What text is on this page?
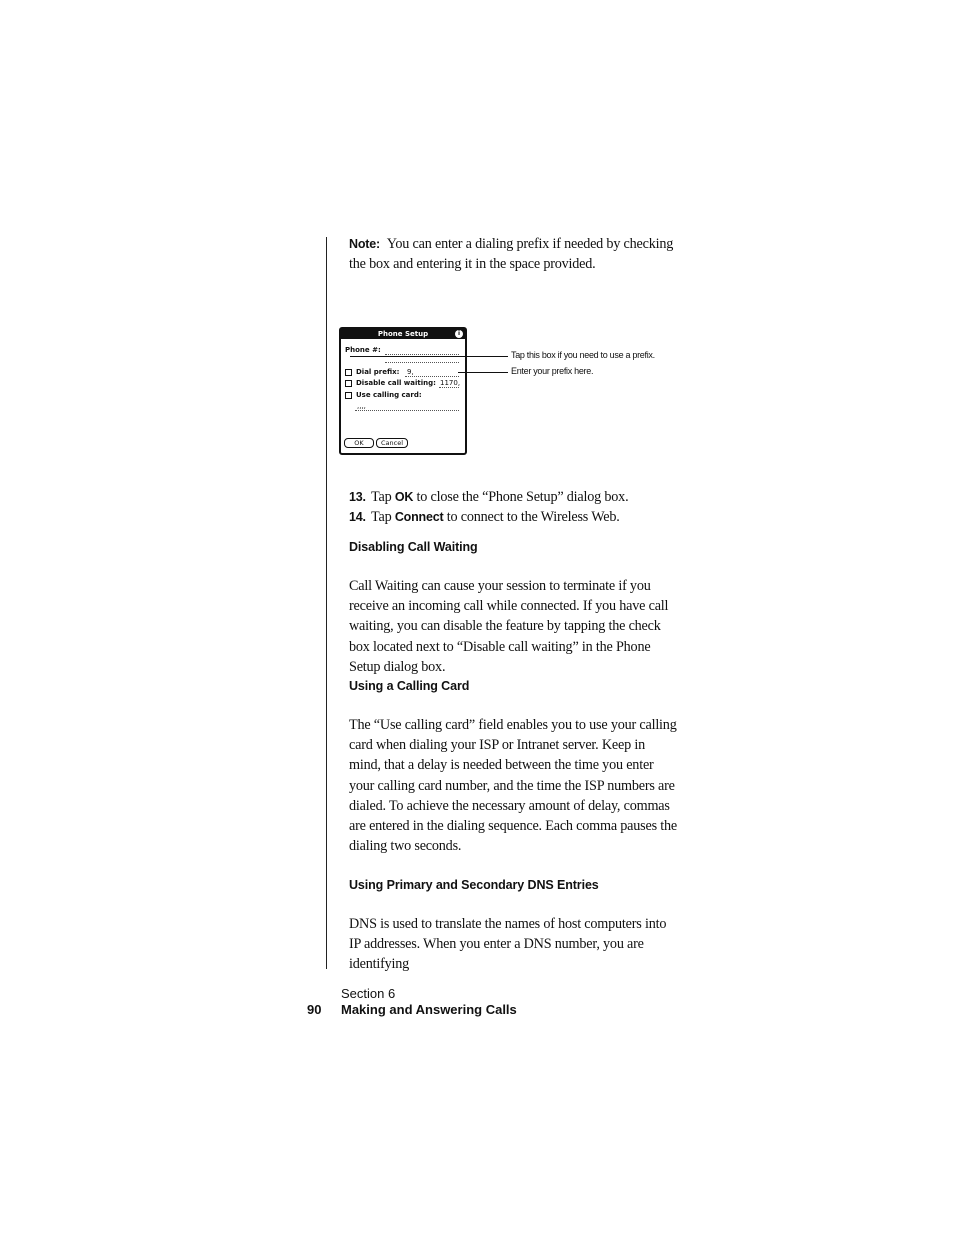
Note: You can enter a dialing prefix if needed by checking the box and entering it in the space provided.
Phone Setup	i
Phone #:
Dial prefix: 9,
Disable call waiting: 1170,
Use calling card:
,,,,
OK	Cancel
Tap this box if you need to use a prefix.
Enter your prefix here.
13. Tap OK to close the “Phone Setup” dialog box.
14. Tap Connect to connect to the Wireless Web.
Disabling Call Waiting
Call Waiting can cause your session to terminate if you receive an incoming call while connected. If you have call waiting, you can disable the feature by tapping the check box located next to “Disable call waiting” in the Phone Setup dialog box.
Using a Calling Card
The “Use calling card” field enables you to use your calling card when dialing your ISP or Intranet server. Keep in mind, that a delay is needed between the time you enter your calling card number, and the time the ISP numbers are dialed. To achieve the necessary amount of delay, commas are entered in the dialing sequence. Each comma pauses the dialing two seconds.
Using Primary and Secondary DNS Entries
DNS is used to translate the names of host computers into IP addresses. When you enter a DNS number, you are identifying
Section 6
90 Making and Answering Calls
